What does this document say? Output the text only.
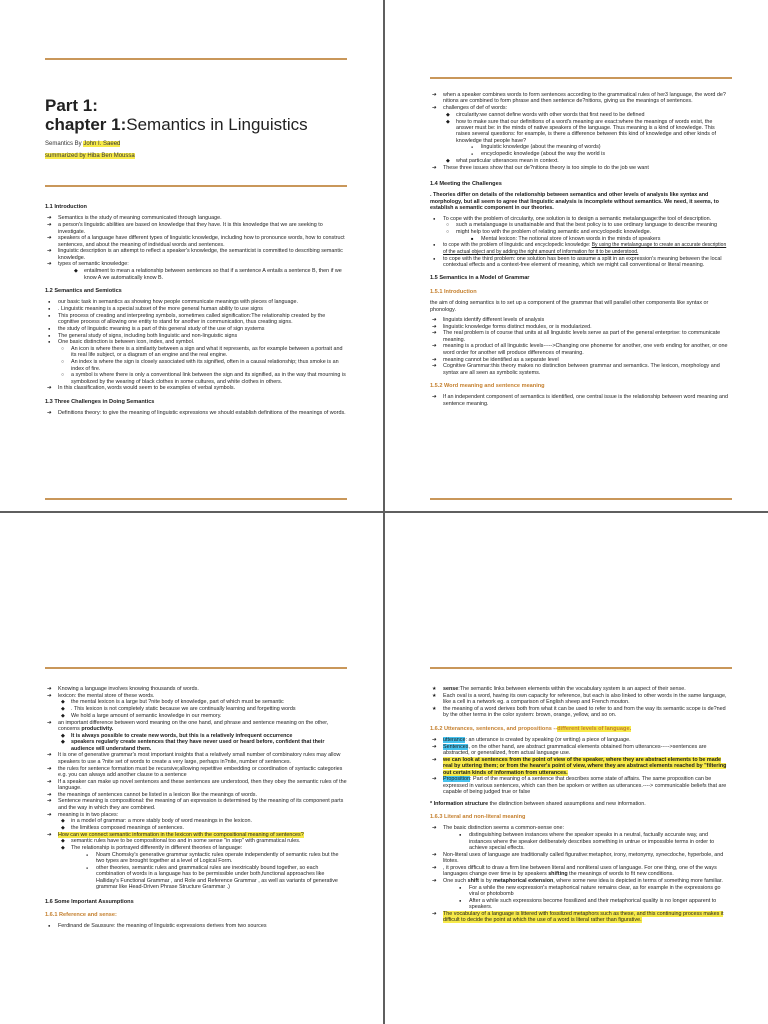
Part 1:
chapter 1:Semantics in Linguistics
Semantics By John I. Saeed
summarized by Hiba Ben Moussa
1.1 Introduction
➔ Semantics is the study of meaning communicated through language.
➔ a person's linguistic abilities are based on knowledge that they have. It is this knowledge that we are seeking to investigate.
➔ speakers of a language have different types of linguistic knowledge, including how to pronounce words, how to construct sentences, and about the meaning of individual words and sentences.
➔ linguistic description is an attempt to reflect a speaker's knowledge, the semanticist is committed to describing semantic knowledge.
➔ types of semantic knowledge:
◆ entailment to mean a relationship between sentences so that if a sentence A entails a sentence B, then if we know A we automatically know B.
1.2 Semantics and Semiotics
● our basic task in semantics as showing how people communicate meanings with pieces of language.
● . Linguistic meaning is a special subset of the more general human ability to use signs
● This process of creating and interpreting symbols, sometimes called signification:The relationship created by the cognitive process of allowing one entity to stand for another in communication, thus creating signs.
● the study of linguistic meaning is a part of this general study of the use of sign systems
● The general study of signs, including both linguistic and non-linguistic signs
● One basic distinction is between icon, index, and symbol.
○ An icon is where there is a similarity between a sign and what it represents, as for example between a portrait and its real life subject, or a diagram of an engine and the real engine.
○ An index is where the sign is closely associated with its signified, often in a causal relationship; thus smoke is an index of fire.
○ a symbol is where there is only a conventional link between the sign and its signified, as in the way that mourning is symbolized by the wearing of black clothes in some cultures, and white clothes in others.
➔ In this classification, words would seem to be examples of verbal symbols.
1.3 Three Challenges in Doing Semantics
➔ Definitions theory: to give the meaning of linguistic expressions we should establish definitions of the meanings of words.
➔ when a speaker combines words to form sentences according to the grammatical rules of her3 language, the word de?nitions are combined to form phrase and then sentence de?nitions, giving us the meanings of sentences.
➔ challenges of def of words:
◆ circularity:we cannot define words with other words that first need to be defined
◆ how to make sure that our definitions of a word's meaning are exact:where the meanings of words exist, the answer must be: in the minds of native speakers of the language. Thus meaning is a kind of knowledge. This raises several questions: for example, is there a difference between this kind of knowledge and other kinds of knowledge that people have?
● linguistic knowledge (about the meaning of words)
● encyclopedic knowledge (about the way the world is
◆ what particular utterances mean in context.
➔ These three issues show that our de?nitions theory is too simple to do the job we want
1.4 Meeting the Challenges

. Theories differ on details of the relationship between semantics and other levels of analysis like syntax and morphology, but all seem to agree that linguistic analysis is incomplete without semantics. We need, it seems, to establish a semantic component in our theories.

● To cope with the problem of circularity, one solution is to design a semantic metalanguage:the tool of description.
○ such a metalanguage is unattainable and that the best policy is to use ordinary language to describe meaning
○ might help too with the problem of relating semantic and encyclopedic knowledge.
■ Mental lexicon: The notional store of known words in the minds of speakers
● to cope with the problem of linguistic and encyclopedic knowledge: By using the metalanguage to create an accurate description of the actual object and by adding the right amount of information for it to be understood.
● to cope with the third problem: one solution has been to assume a split in an expression's meaning between the local contextual effects and a context-free element of meaning, which we might call conventional or literal meaning.
1.5 Semantics in a Model of Grammar
1.5.1 Introduction

the aim of doing semantics is to set up a component of the grammar that will parallel other components like syntax or phonology.

➔ linguists identify different levels of analysis
➔ linguistic knowledge forms distinct modules, or is modularized.
➔ The real problem is of course that units at all linguistic levels serve as part of the general enterprise: to communicate meaning.
➔ meaning is a product of all linguistic levels----->Changing one phoneme for another, one verb ending for another, or one word order for another will produce differences of meaning.
➔ meaning cannot be identified as a separate level
➔ Cognitive Grammar:this theory makes no distinction between grammar and semantics. The lexicon, morphology and syntax are all seen as symbolic systems.
1.5.2 Word meaning and sentence meaning
➔ If an independent component of semantics is identified, one central issue is the relationship between word meaning and sentence meaning.
➔ Knowing a language involves knowing thousands of words.
➔ lexicon: the mental store of these words.
◆ the mental lexicon is a large but ?nite body of knowledge, part of which must be semantic
◆ . This lexicon is not completely static because we are continually learning and forgetting words
◆ We hold a large amount of semantic knowledge in our memory.
➔ an important difference between word meaning on the one hand, and phrase and sentence meaning on the other, concerns productivity.
◆ It is always possible to create new words, but this is a relatively infrequent occurrence
◆ speakers regularly create sentences that they have never used or heard before, confident that their audience will understand them.
➔ It is one of generative grammar's most important insights that a relatively small number of combinatory rules may allow speakers to use a ?nite set of words to create a very large, perhaps in?nite, number of sentences.
➔ the rules for sentence formation must be recursive;allowing repetitive embedding or coordination of syntactic categories e.g. you can always add another clause to a sentence
➔ If a speaker can make up novel sentences and these sentences are understood, then they obey the semantic rules of the language.
➔ the meanings of sentences cannot be listed in a lexicon like the meanings of words.
➔ Sentence meaning is compositional: the meaning of an expression is determined by the meaning of its component parts and the way in which they are combined.
➔ meaning is in two places:
◆ in a model of grammar: a more stably body of word meanings in the lexicon.
◆ the limitless composed meanings of sentences.
➔ How can we connect semantic information in the lexicon with the compositional meaning of sentences?
◆ semantic rules have to be compositional too and in some sense "in step" with grammatical rules.
◆ The relationship is portrayed differently in different theories of language:
● Noam Chomsky's generative grammar syntactic rules operate independently of semantic rules but the two types are brought together at a level of Logical Form.
● other theories, semantic rules and grammatical rules are inextricably bound together, so each combination of words in a language has to be permissible under both,functional approaches like Halliday's Functional Grammar , and Role and Reference Grammar , as well as variants of generative grammar like Head-Driven Phrase Structure Grammar .)
1.6 Some Important Assumptions
1.6.1 Reference and sense:
● Ferdinand de Saussure: the meaning of linguistic expressions derives from two sources
★ sense:The semantic links between elements within the vocabulary system is an aspect of their sense.
★ Each oval is a word, having its own capacity for reference, but each is also linked to other words in the same language, like a cell in a network eg. a comparison of English sheep and French mouton.
★ the meaning of a word derives both from what it can be used to refer to and from the way its semantic scope is de?ned by the other terms in the color system: brown, orange, yellow, and so on.
1.6.2 Utterances, sentences, and propositions --different levels of language.
➔ utterance: an utterance is created by speaking (or writing) a piece of language.
➔ Sentences, on the other hand, are abstract grammatical elements obtained from utterances----->sentences are abstracted, or generalized, from actual language use.
➔ we can look at sentences from the point of view of the speaker, where they are abstract elements to be made real by uttering them; or from the hearer's point of view, where they are abstract elements reached by "filtering out certain kinds of information from utterances.
➔ Proposition: Part of the meaning of a sentence that describes some state of affairs. The same proposition can be expressed in various sentences, which can then be spoken or written as utterances.----> communicable beliefs that are capable of being judged true or false

* Information structure the distinction between shared assumptions and new information.

1.6.3 Literal and non-literal meaning
➔ The basic distinction seems a common-sense one:
● distinguishing between instances where the speaker speaks in a neutral, factually accurate way, and instances where the speaker deliberately describes something in untrue or impossible terms in order to achieve special effects.
➔ Non-literal uses of language are traditionally called figurative:metaphor, irony, metonymy, synecdoche, hyperbole, and litotes.
➔ , it proves difficult to draw a firm line between literal and nonliteral uses of language. For one thing, one of the ways languages change over time is by speakers shifting the meanings of words to fit new conditions.
➔ One such shift is by metaphorical extension, where some new idea is depicted in terms of something more familiar.
● For a while the new expression's metaphorical nature remains clear, as for example in the expressions go viral or photobomb
● After a while such expressions become fossilized and their metaphorical quality is no longer apparent to speakers.
➔ The vocabulary of a language is littered with fossilized metaphors such as these, and this continuing process makes it difficult to decide the point at which the use of a word is literal rather than figurative.
